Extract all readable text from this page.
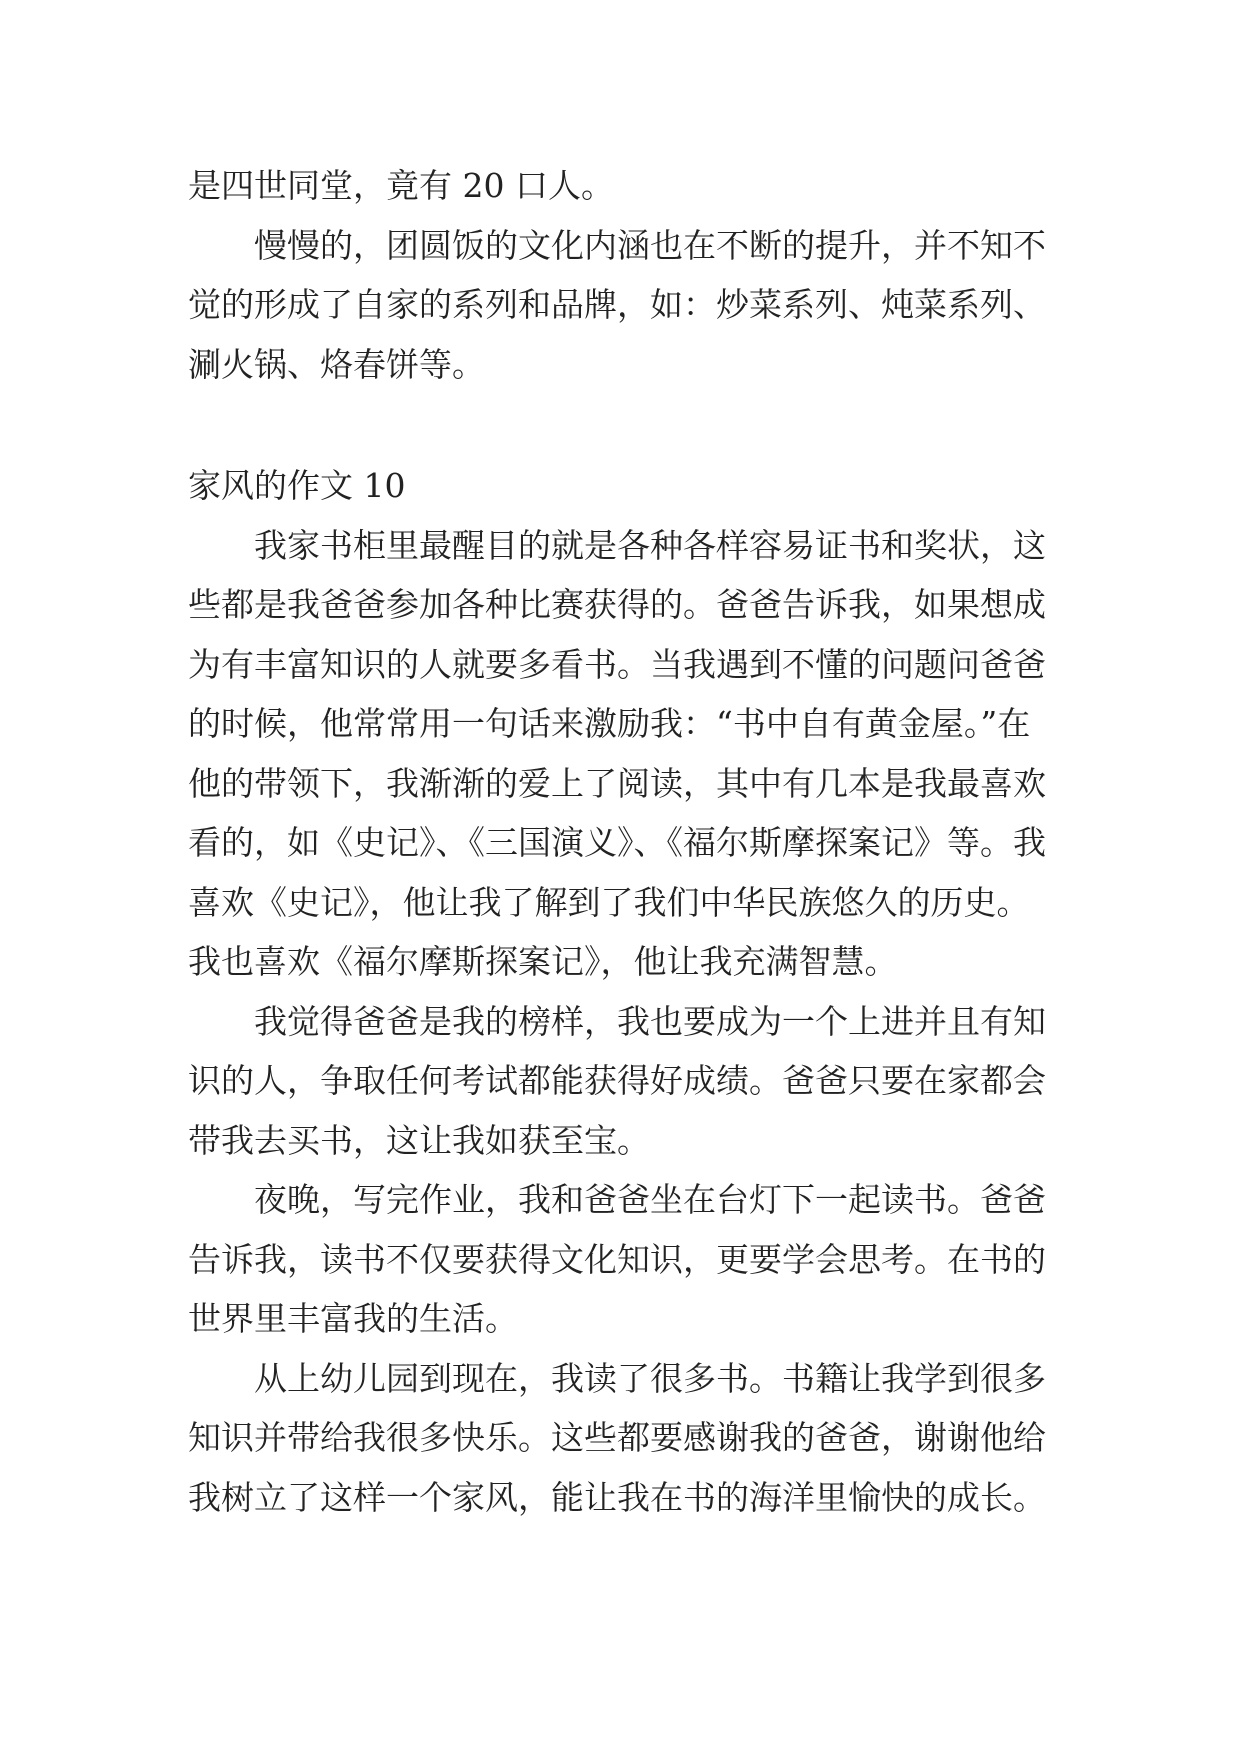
是四世同堂，竟有 20 口人。
慢慢的，团圆饭的文化内涵也在不断的提升，并不知不
觉的形成了自家的系列和品牌，如：炒菜系列、炖菜系列、
涮火锅、烙春饼等。
家风的作文 10
我家书柜里最醒目的就是各种各样容易证书和奖状，这
些都是我爸爸参加各种比赛获得的。爸爸告诉我，如果想成
为有丰富知识的人就要多看书。当我遇到不懂的问题问爸爸
的时候，他常常用一句话来激励我：“书中自有黄金屋。”在
他的带领下，我渐渐的爱上了阅读，其中有几本是我最喜欢
看的，如《史记》、《三国演义》、《福尔斯摩探案记》等。我
喜欢《史记》，他让我了解到了我们中华民族悠久的历史。
我也喜欢《福尔摩斯探案记》，他让我充满智慧。
我觉得爸爸是我的榜样，我也要成为一个上进并且有知
识的人，争取任何考试都能获得好成绩。爸爸只要在家都会
带我去买书，这让我如获至宝。
夜晚，写完作业，我和爸爸坐在台灯下一起读书。爸爸
告诉我，读书不仅要获得文化知识，更要学会思考。在书的
世界里丰富我的生活。
从上幼儿园到现在，我读了很多书。书籍让我学到很多
知识并带给我很多快乐。这些都要感谢我的爸爸，谢谢他给
我树立了这样一个家风，能让我在书的海洋里愉快的成长。
